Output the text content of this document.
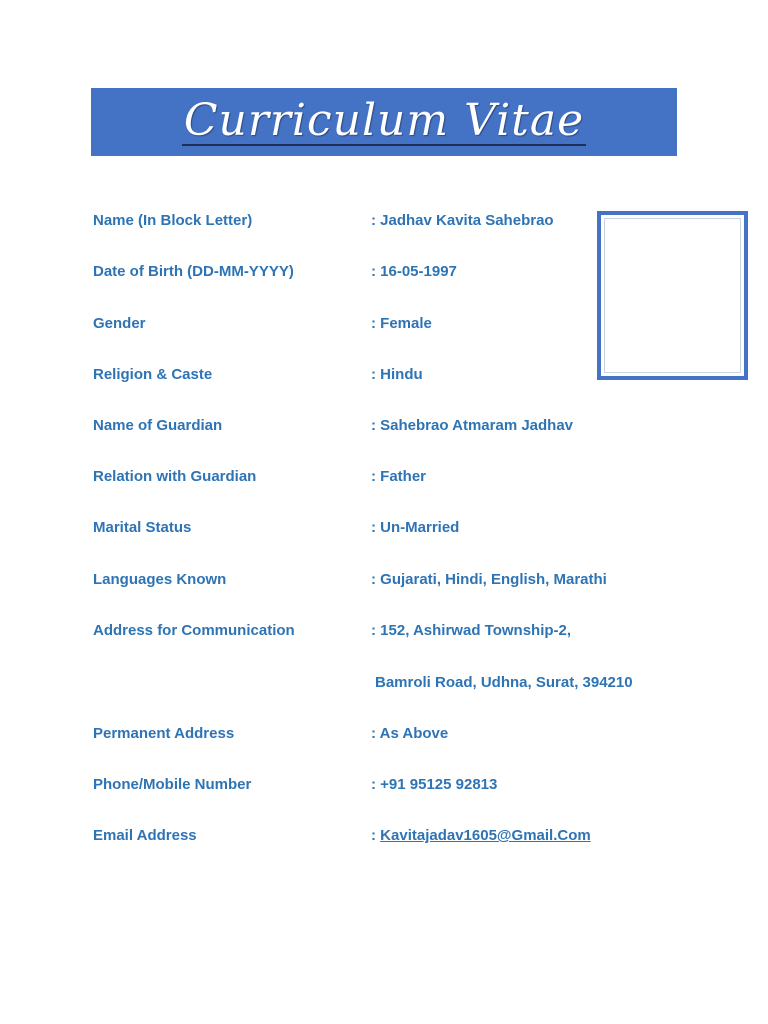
Curriculum Vitae
Name (In Block Letter)	: Jadhav Kavita Sahebrao
Date of Birth (DD-MM-YYYY)	: 16-05-1997
Gender	: Female
Religion & Caste	: Hindu
Name of Guardian	: Sahebrao Atmaram Jadhav
Relation with Guardian	: Father
Marital Status	: Un-Married
Languages Known	: Gujarati, Hindi, English, Marathi
Address for Communication	: 152, Ashirwad Township-2,
Bamroli Road, Udhna, Surat, 394210
Permanent Address	: As Above
Phone/Mobile Number	: +91 95125 92813
Email Address	: Kavitajadav1605@Gmail.Com
